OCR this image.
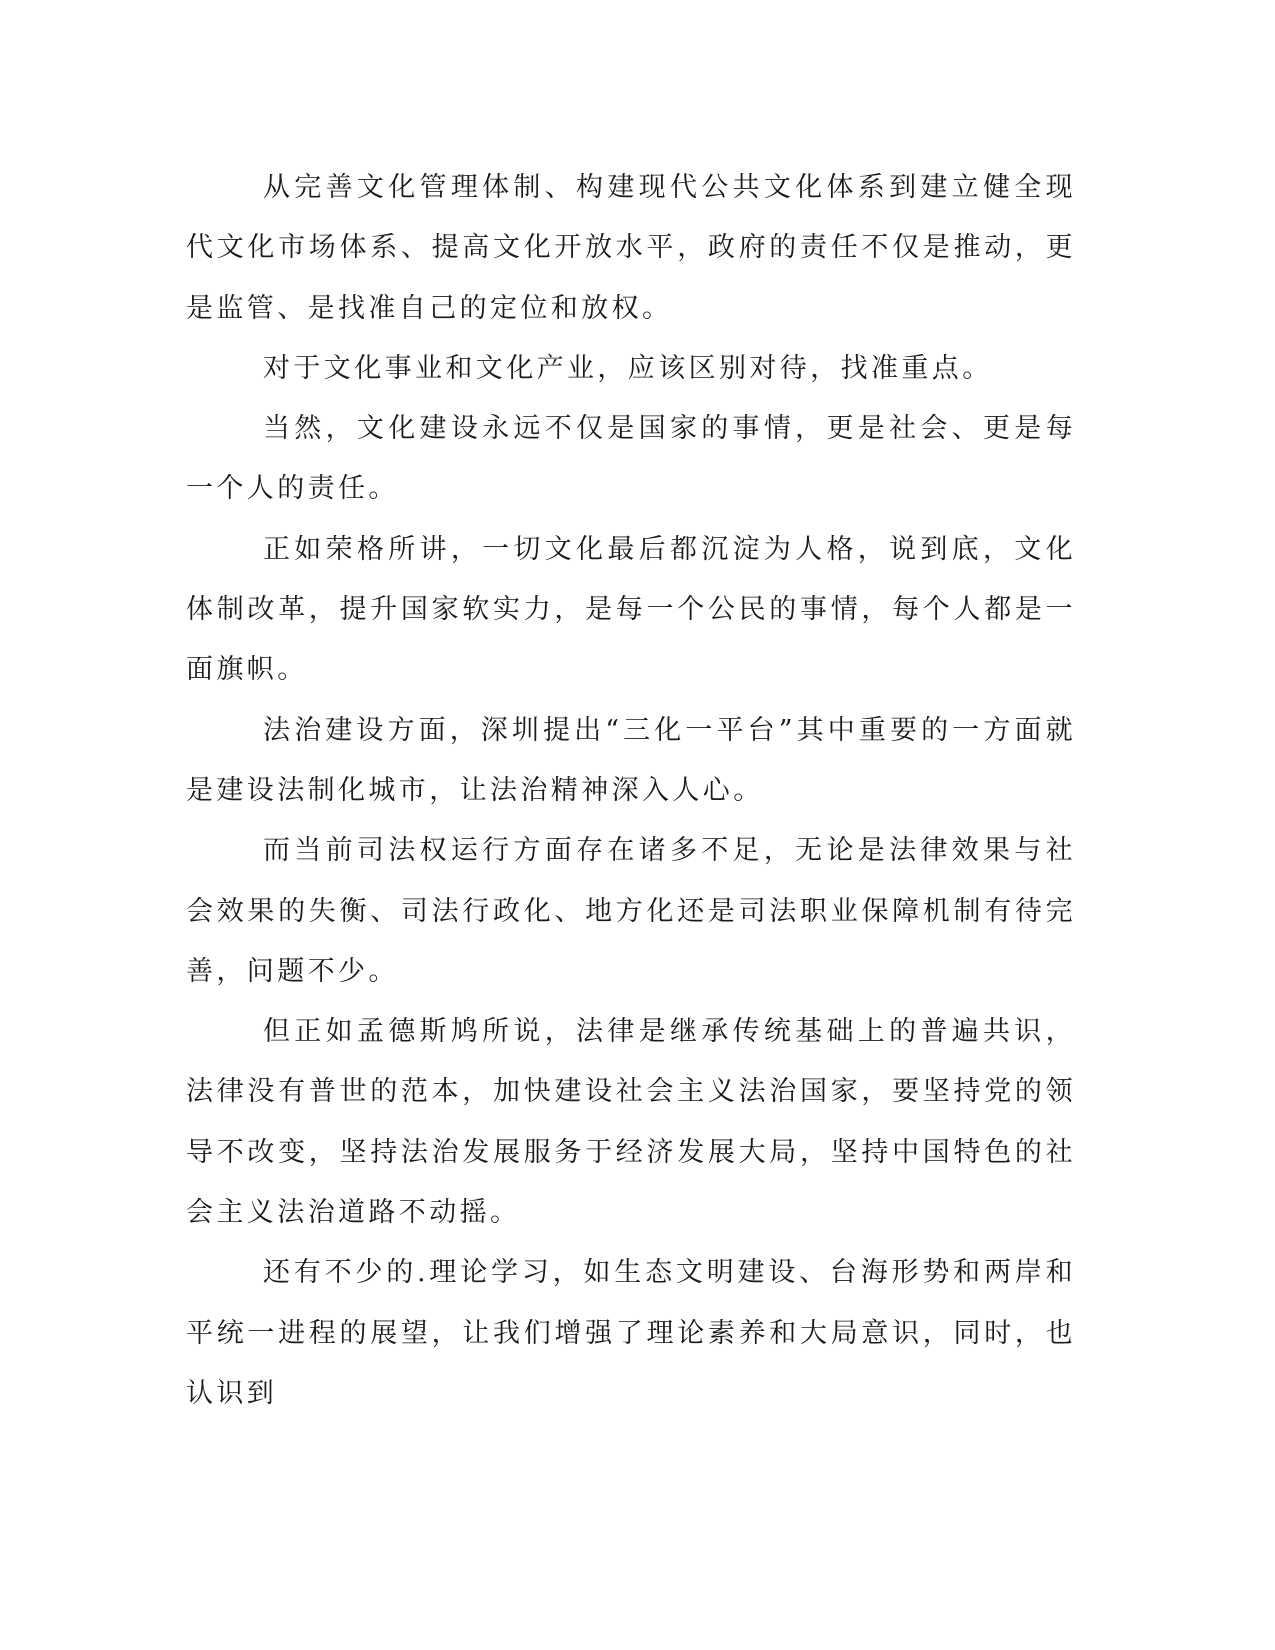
从完善文化管理体制、构建现代公共文化体系到建立健全现代文化市场体系、提高文化开放水平，政府的责任不仅是推动，更是监管、是找准自己的定位和放权。

对于文化事业和文化产业，应该区别对待，找准重点。

当然，文化建设永远不仅是国家的事情，更是社会、更是每一个人的责任。

正如荣格所讲，一切文化最后都沉淀为人格，说到底，文化体制改革，提升国家软实力，是每一个公民的事情，每个人都是一面旗帜。

法治建设方面，深圳提出“三化一平台”其中重要的一方面就是建设法制化城市，让法治精神深入人心。

而当前司法权运行方面存在诸多不足，无论是法律效果与社会效果的失衡、司法行政化、地方化还是司法职业保障机制有待完善，问题不少。

但正如孟德斯鸠所说，法律是继承传统基础上的普遍共识，法律没有普世的范本，加快建设社会主义法治国家，要坚持党的领导不改变，坚持法治发展服务于经济发展大局，坚持中国特色的社会主义法治道路不动摇。

还有不少的.理论学习，如生态文明建设、台海形势和两岸和平统一进程的展望，让我们增强了理论素养和大局意识，同时，也认识到
